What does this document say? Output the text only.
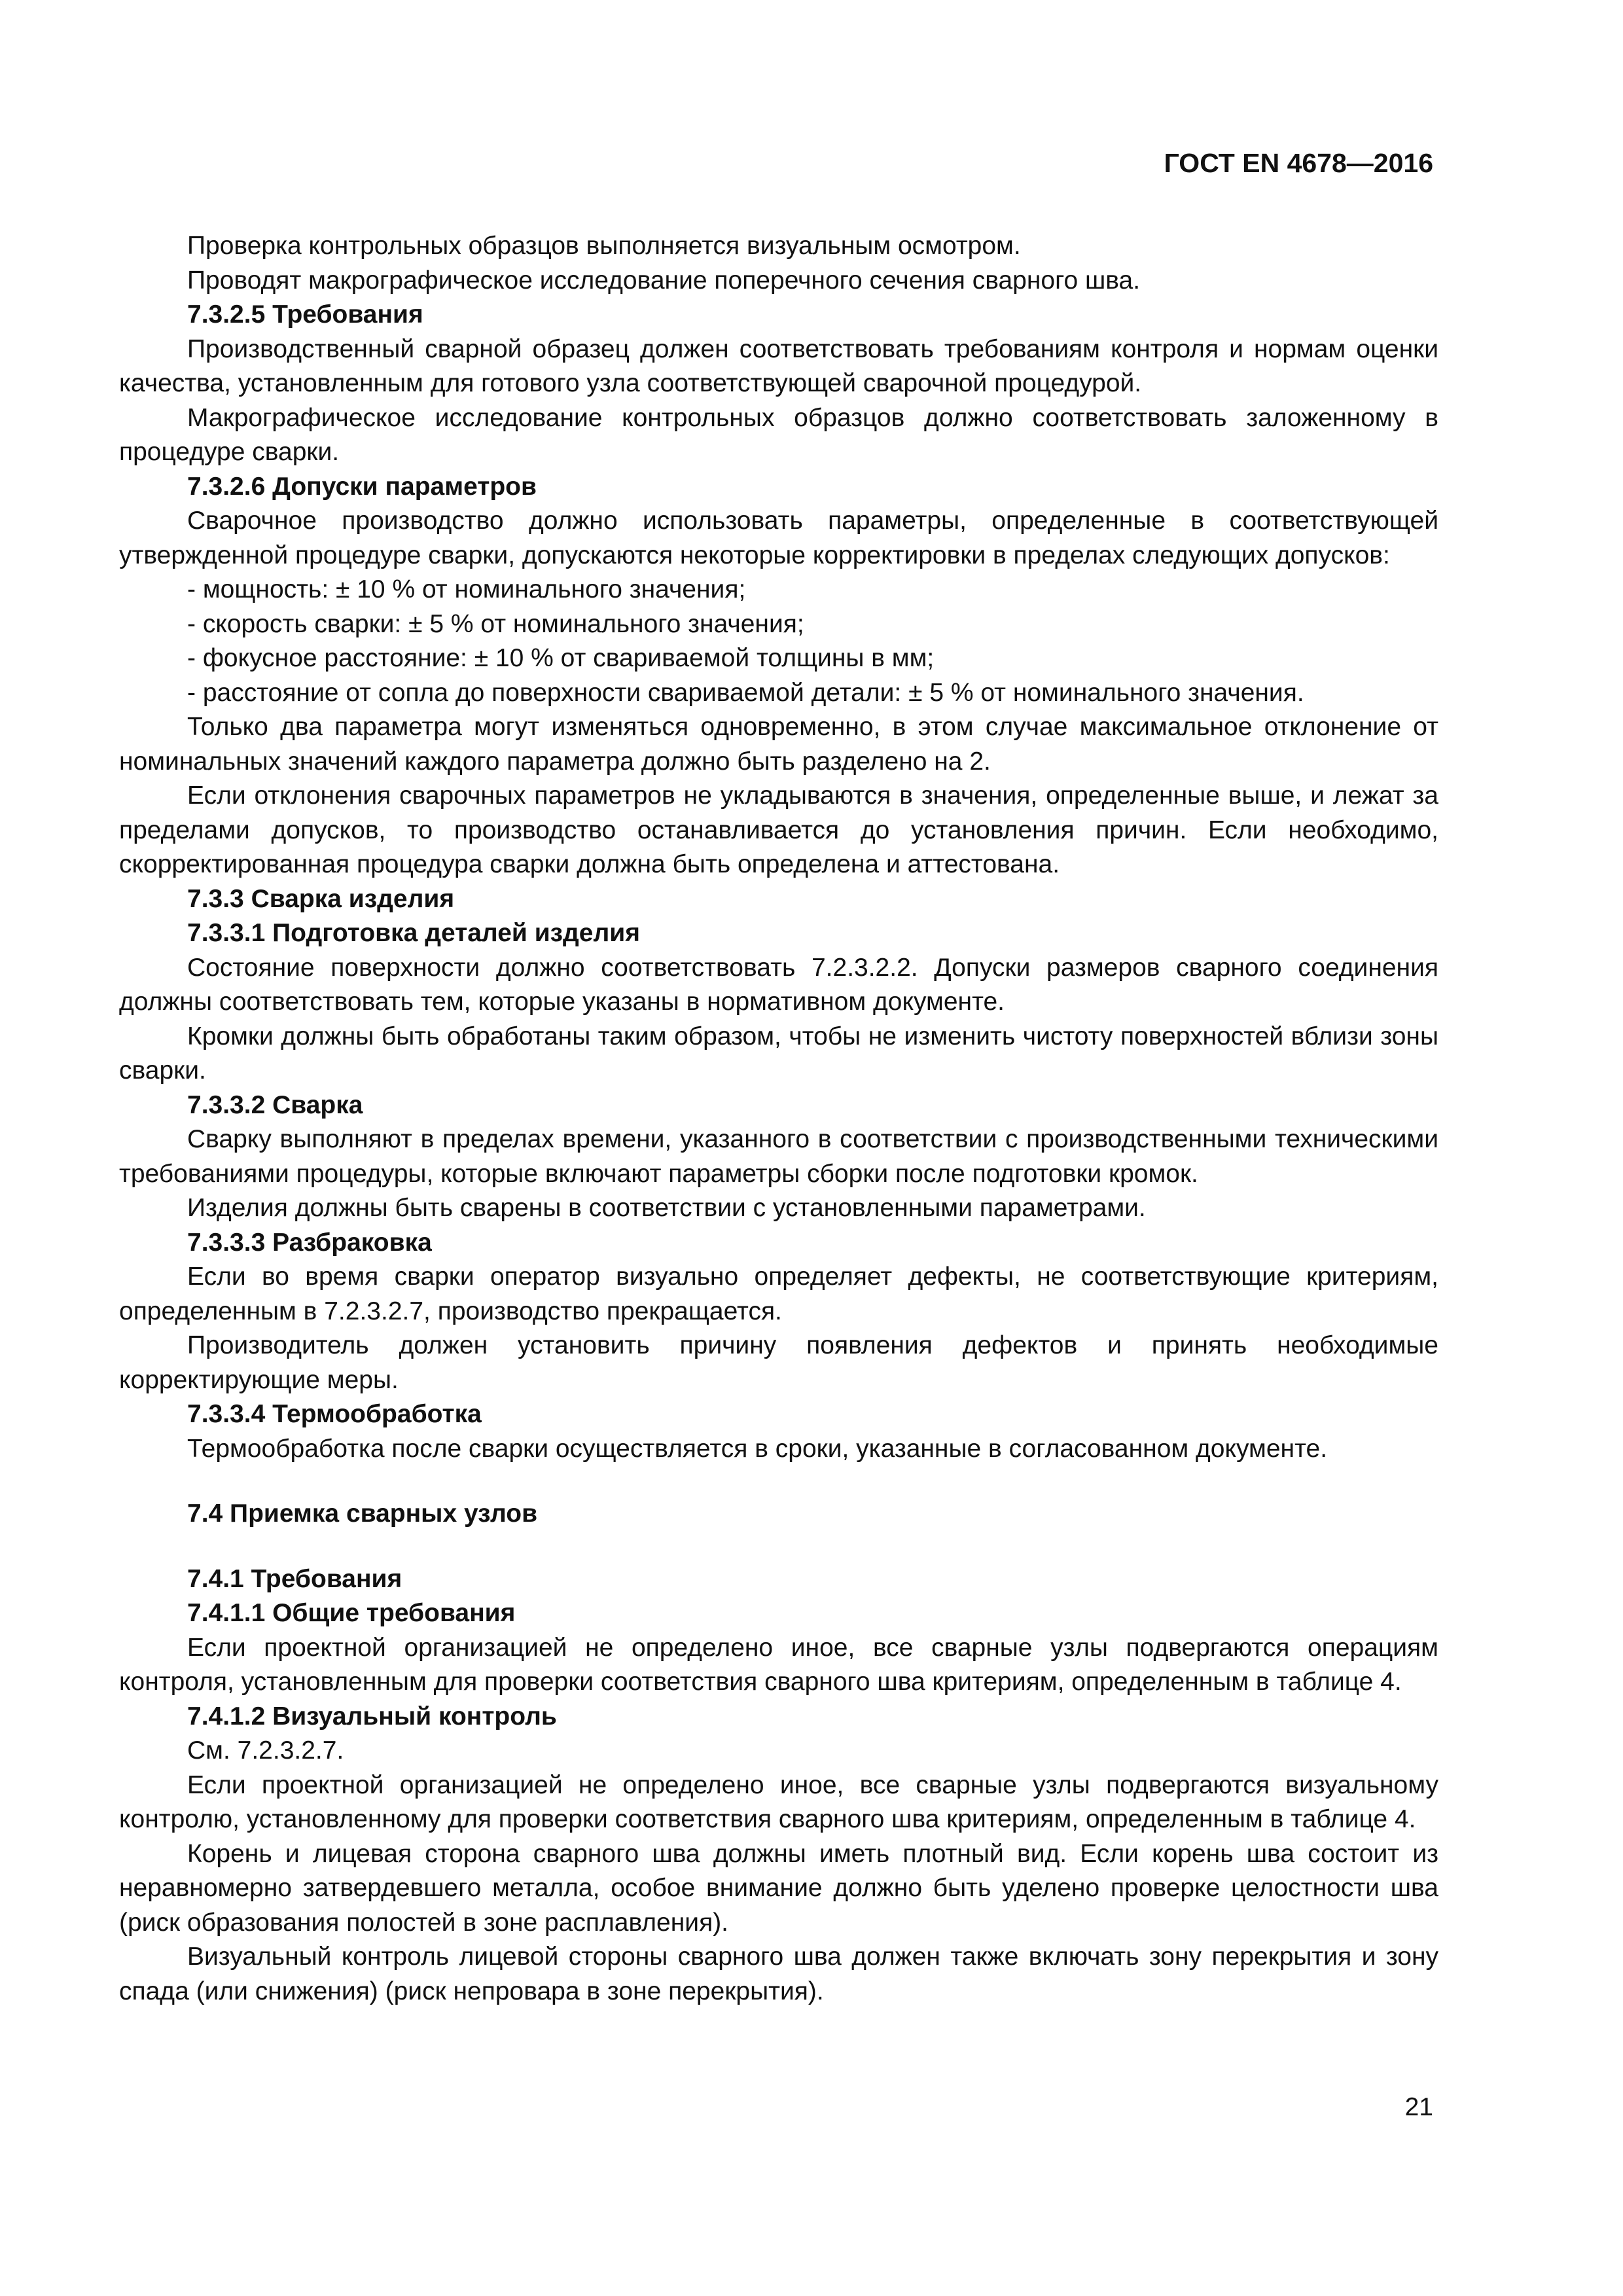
ГОСТ EN 4678—2016

Проверка контрольных образцов выполняется визуальным осмотром.

Проводят макрографическое исследование поперечного сечения сварного шва.

7.3.2.5 Требования

Производственный сварной образец должен соответствовать требованиям контроля и нормам оценки качества, установленным для готового узла соответствующей сварочной процедурой.

Макрографическое исследование контрольных образцов должно соответствовать заложенному в процедуре сварки.

7.3.2.6 Допуски параметров

Сварочное производство должно использовать параметры, определенные в соответствующей утвержденной процедуре сварки, допускаются некоторые корректировки в пределах следующих допусков:

- мощность: ± 10 % от номинального значения;

- скорость сварки: ± 5 % от номинального значения;

- фокусное расстояние: ± 10 % от свариваемой толщины в мм;

- расстояние от сопла до поверхности свариваемой детали: ± 5 % от номинального значения.

Только два параметра могут изменяться одновременно, в этом случае максимальное отклонение от номинальных значений каждого параметра должно быть разделено на 2.

Если отклонения сварочных параметров не укладываются в значения, определенные выше, и лежат за пределами допусков, то производство останавливается до установления причин. Если необходимо, скорректированная процедура сварки должна быть определена и аттестована.

7.3.3 Сварка изделия

7.3.3.1 Подготовка деталей изделия

Состояние поверхности должно соответствовать 7.2.3.2.2. Допуски размеров сварного соединения должны соответствовать тем, которые указаны в нормативном документе.

Кромки должны быть обработаны таким образом, чтобы не изменить чистоту поверхностей вблизи зоны сварки.

7.3.3.2 Сварка

Сварку выполняют в пределах времени, указанного в соответствии с производственными техническими требованиями процедуры, которые включают параметры сборки после подготовки кромок.

Изделия должны быть сварены в соответствии с установленными параметрами.

7.3.3.3 Разбраковка

Если во время сварки оператор визуально определяет дефекты, не соответствующие критериям, определенным в 7.2.3.2.7, производство прекращается.

Производитель должен установить причину появления дефектов и принять необходимые корректирующие меры.

7.3.3.4 Термообработка

Термообработка после сварки осуществляется в сроки, указанные в согласованном документе.

7.4 Приемка сварных узлов

7.4.1 Требования

7.4.1.1 Общие требования

Если проектной организацией не определено иное, все сварные узлы подвергаются операциям контроля, установленным для проверки соответствия сварного шва критериям, определенным в таблице 4.

7.4.1.2 Визуальный контроль

См. 7.2.3.2.7.

Если проектной организацией не определено иное, все сварные узлы подвергаются визуальному контролю, установленному для проверки соответствия сварного шва критериям, определенным в таблице 4.

Корень и лицевая сторона сварного шва должны иметь плотный вид. Если корень шва состоит из неравномерно затвердевшего металла, особое внимание должно быть уделено проверке целостности шва (риск образования полостей в зоне расплавления).

Визуальный контроль лицевой стороны сварного шва должен также включать зону перекрытия и зону спада (или снижения) (риск непровара в зоне перекрытия).

21
